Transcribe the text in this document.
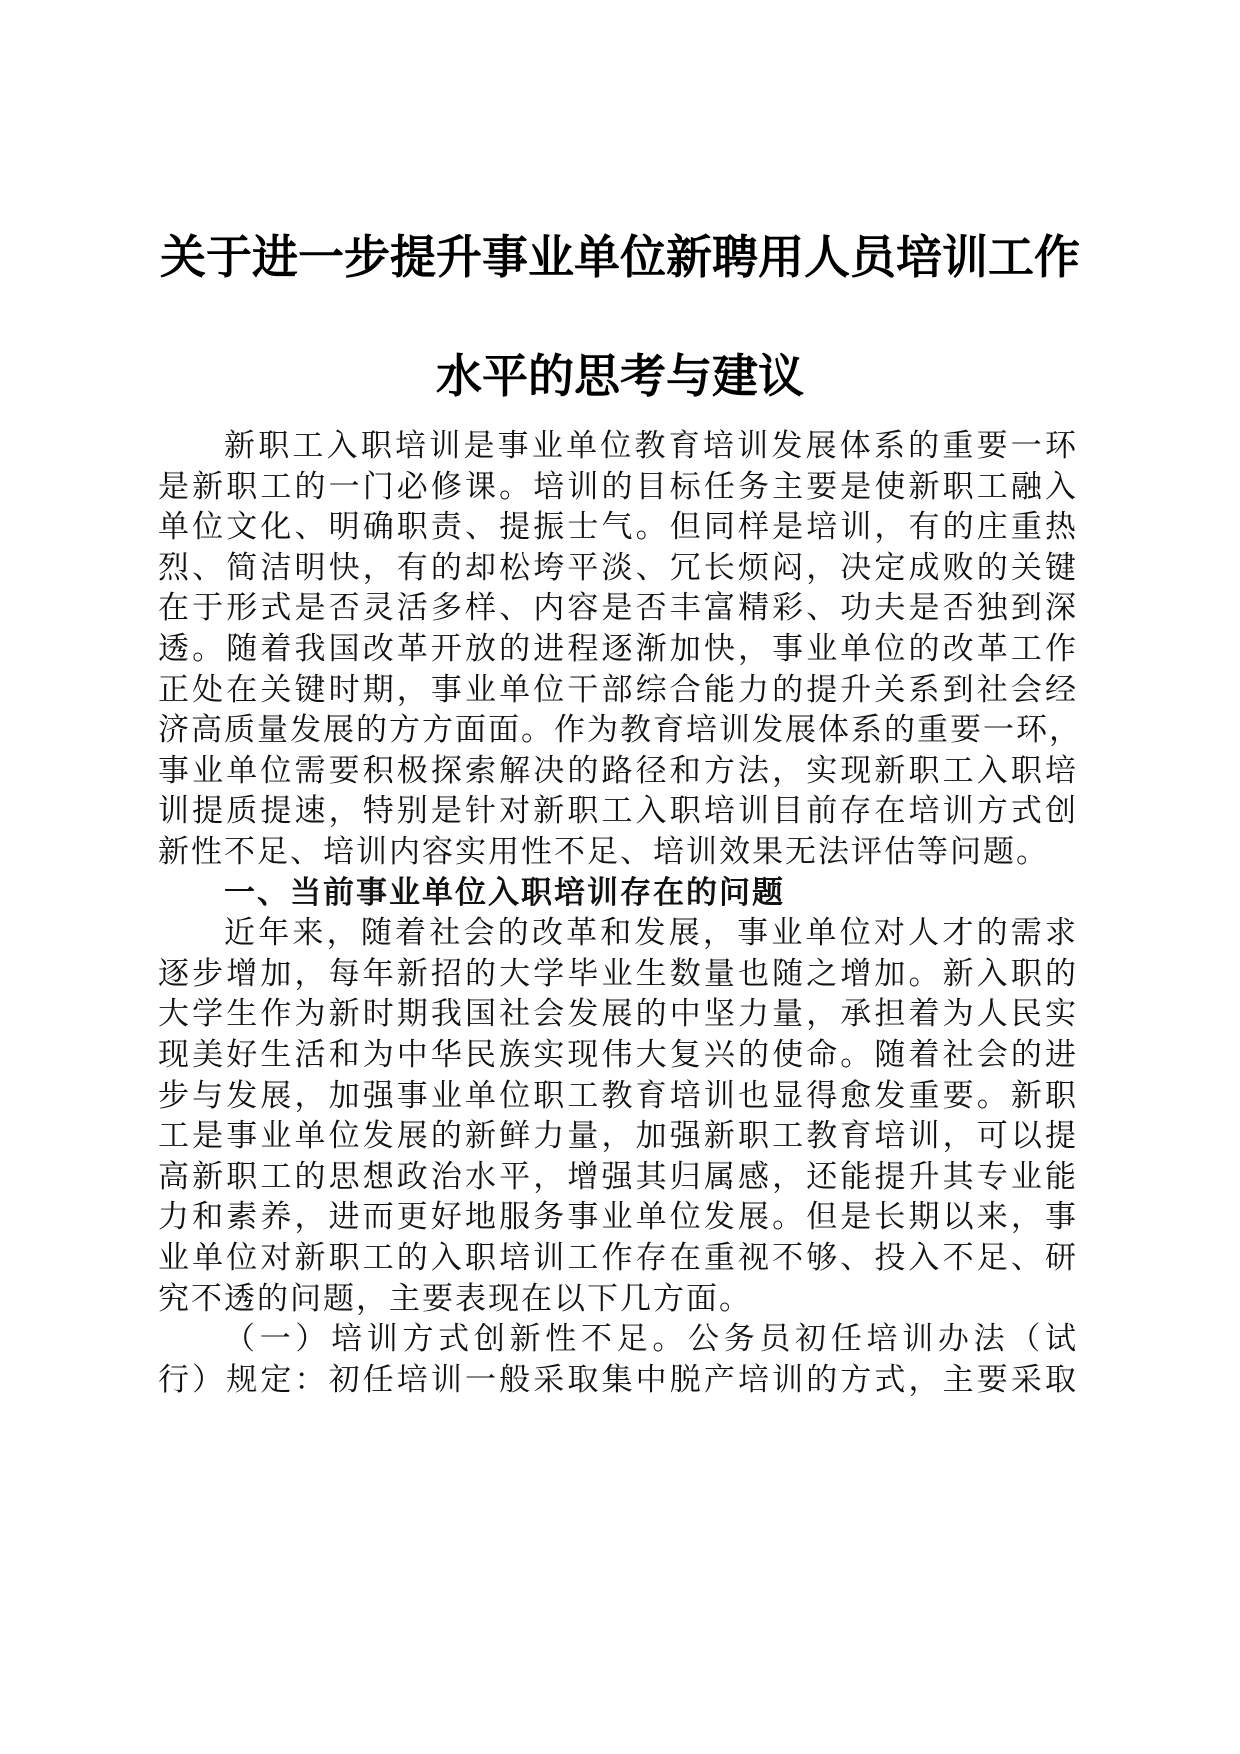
关于进一步提升事业单位新聘用人员培训工作
水平的思考与建议
新职工入职培训是事业单位教育培训发展体系的重要一环
是新职工的一门必修课。培训的目标任务主要是使新职工融入
单位文化、明确职责、提振士气。但同样是培训，有的庄重热
烈、简洁明快，有的却松垮平淡、冗长烦闷，决定成败的关键
在于形式是否灵活多样、内容是否丰富精彩、功夫是否独到深
透。随着我国改革开放的进程逐渐加快，事业单位的改革工作
正处在关键时期，事业单位干部综合能力的提升关系到社会经
济高质量发展的方方面面。作为教育培训发展体系的重要一环，
事业单位需要积极探索解决的路径和方法，实现新职工入职培
训提质提速，特别是针对新职工入职培训目前存在培训方式创
新性不足、培训内容实用性不足、培训效果无法评估等问题。
一、当前事业单位入职培训存在的问题
近年来，随着社会的改革和发展，事业单位对人才的需求
逐步增加，每年新招的大学毕业生数量也随之增加。新入职的
大学生作为新时期我国社会发展的中坚力量，承担着为人民实
现美好生活和为中华民族实现伟大复兴的使命。随着社会的进
步与发展，加强事业单位职工教育培训也显得愈发重要。新职
工是事业单位发展的新鲜力量，加强新职工教育培训，可以提
高新职工的思想政治水平，增强其归属感，还能提升其专业能
力和素养，进而更好地服务事业单位发展。但是长期以来，事
业单位对新职工的入职培训工作存在重视不够、投入不足、研
究不透的问题，主要表现在以下几方面。
（一）培训方式创新性不足。公务员初任培训办法（试
行）规定：初任培训一般采取集中脱产培训的方式，主要采取
